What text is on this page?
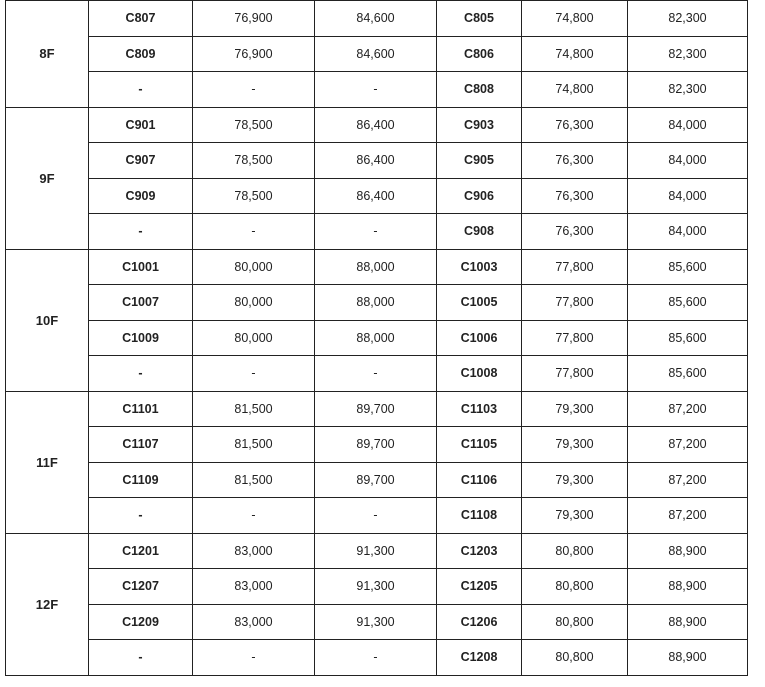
8F	C807	76,900	84,600	C805	74,800	82,300
	C809	76,900	84,600	C806	74,800	82,300
	-	-	-	C808	74,800	82,300
9F	C901	78,500	86,400	C903	76,300	84,000
	C907	78,500	86,400	C905	76,300	84,000
	C909	78,500	86,400	C906	76,300	84,000
	-	-	-	C908	76,300	84,000
10F	C1001	80,000	88,000	C1003	77,800	85,600
	C1007	80,000	88,000	C1005	77,800	85,600
	C1009	80,000	88,000	C1006	77,800	85,600
	-	-	-	C1008	77,800	85,600
11F	C1101	81,500	89,700	C1103	79,300	87,200
	C1107	81,500	89,700	C1105	79,300	87,200
	C1109	81,500	89,700	C1106	79,300	87,200
	-	-	-	C1108	79,300	87,200
12F	C1201	83,000	91,300	C1203	80,800	88,900
	C1207	83,000	91,300	C1205	80,800	88,900
	C1209	83,000	91,300	C1206	80,800	88,900
	-	-	-	C1208	80,800	88,900
